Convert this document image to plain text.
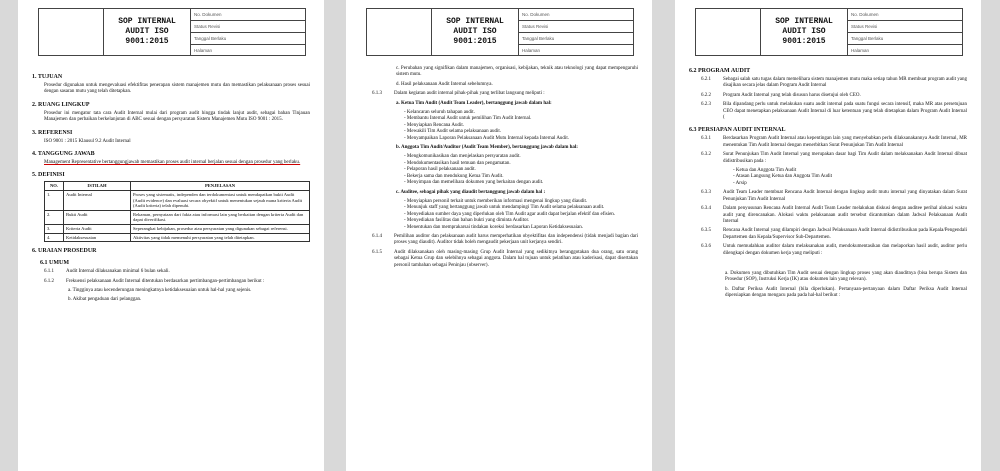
SOP INTERNAL
AUDIT ISO
9001:2015
No. Dokumen
Status Revisi
Tanggal Berlaku
Halaman
1. TUJUAN

Prosedur digunakan untuk mengevaluasi efektifitas penerapan sistem manajemen mutu dan memastikan pelaksanaan proses sesuai dengan sasaran mutu yang telah ditetapkan.

2. RUANG LINGKUP

Prosedur ini mengatur tata cara Audit Internal mulai dari program audit hingga tindak lanjut audit, sebagai bahan Tinjauan Manajemen dan perbaikan berkelanjutan di ABC sesuai dengan persyaratan Sistem Manajemen Mutu ISO 9001 : 2015.

3. REFERENSI

ISO 9001 : 2015 Klausul 9.2 Audit Internal

4. TANGGUNG JAWAB

Management Representative bertanggungjawab memastikan proses audit internal berjalan sesuai dengan prosedur yang berlaku.

5. DEFINISI
NO.	ISTILAH	PENJELASAN
1.	Audit Internal	Proses yang sistematis, independen dan terdokumentasi untuk mendapatkan bukti Audit (Audit evidence) dan evaluasi secara obyektif untuk menentukan sejauh mana kriteria Audit (Audit kriteria) telah dipenuhi.
2.	Bukti Audit	Rekaman, pernyataan dari fakta atau informasi lain yang berkaitan dengan kriteria Audit dan dapat diverifikasi.
3.	Kriteria Audit	Seperangkat kebijakan, prosedur atau persyaratan yang digunakan sebagai referensi.
4.	Ketidaksesuaian	Aktivitas yang tidak memenuhi persyaratan yang telah ditetapkan.
6. URAIAN PROSEDUR
6.1 UMUM
6.1.1	Audit Internal dilaksanakan minimal 6 bulan sekali.
6.1.2	Frekuensi pelaksanaan Audit Internal ditentukan berdasarkan pertimbangan-pertimbangan berikut :

a. Tingginya atau kecenderungan meningkatnya ketidaksesuaian untuk hal-hal yang sejenis.

b. Akibat pengaduan dari pelanggan.

SOP INTERNAL
AUDIT ISO
9001:2015
No. Dokumen
Status Revisi
Tanggal Berlaku
Halaman

c. Perubahan yang signifikan dalam manajemen, organisasi, kebijakan, teknik atau teknologi yang dapat mempengaruhi sistem mutu.

d. Hasil pelaksanaan Audit Internal sebelumnya.

6.1.3	Dalam kegiatan audit internal pihak-pihak yang terlibat langsung meliputi :

a. Ketua Tim Audit (Audit Team Leader), bertanggung jawab dalam hal:

- Kelancaran seluruh tahapan audit.
- Membantu Internal Audit untuk pemilihan Tim Audit Internal.
- Menyiapkan Rencana Audit.
- Mewakili Tim Audit selama pelaksanaan audit.
- Menyampaikan Laporan Pelaksanaan Audit Mutu Internal kepada Internal Audit.

b. Anggota Tim Audit/Auditor (Audit Team Member), bertanggung jawab dalam hal:

- Mengkomunikasikan dan menjelaskan persyaratan audit.
- Mendokumentasikan hasil temuan dan pengamatan.
- Pelaporan hasil pelaksanaan audit.
- Bekerja sama dan mendukung Ketua Tim Audit.
- Menyimpan dan memelihara dokumen yang berkaitan dengan audit.

c. Auditee, sebagai pihak yang diaudit bertanggung jawab dalam hal :

- Menyiapkan personil terkait untuk memberikan informasi mengenai lingkup yang diaudit.
- Menunjuk staff yang bertanggung jawab untuk mendampingi Tim Audit selama pelaksanaan audit.
- Menyediakan sumber daya yang diperlukan oleh Tim Audit agar audit dapat berjalan efektif dan efisien.
- Menyediakan fasilitas dan bahan bukti yang diminta Auditor.
- Menentukan dan memprakarsai tindakan koreksi berdasarkan Laporan Ketidaksesuaian.
6.1.4	Pemilihan auditor dan pelaksanaan audit harus memperhatikan obyektifitas dan independensi (tidak menjadi bagian dari proses yang diaudit). Auditor tidak boleh mengaudit pekerjaan unit kerjanya sendiri.
6.1.5	Audit dilaksanakan oleh masing-masing Grup Audit Internal yang sedikitnya beranggotakan dua orang, satu orang sebagai Ketua Grup dan selebihnya sebagai anggota. Dalam hal tujuan untuk pelatihan atau kaderisasi, dapat disertakan personil tambahan sebagai Peninjau (observer).
SOP INTERNAL
AUDIT ISO
9001:2015
No. Dokumen
Status Revisi
Tanggal Berlaku
Halaman
6.2 PROGRAM AUDIT
6.2.1	Sebagai salah satu tugas dalam memelihara sistem manajemen mutu maka setiap tahun MR membuat program audit yang disajikan secara jelas dalam Program Audit Internal
6.2.2	Program Audit Internal yang telah disusun harus disetujui oleh CEO.
6.2.3	Bila dipandang perlu untuk melakukan suatu audit internal pada suatu fungsi secara intensif, maka MR atas persetujuan CEO dapat menetapkan pelaksanaan Audit Internal di luar ketentuan yang telah ditetapkan dalam Program Audit Internal (
6.3 PERSIAPAN AUDIT INTERNAL
6.3.1	Berdasarkan Program Audit Internal atau kepentingan lain yang menyebabkan perlu dilaksanakannya Audit Internal, MR menentukan Tim Audit Internal dengan menerbitkan Surat Penunjukan Tim Audit Internal
6.3.2	Surat Penunjukan Tim Audit Internal yang merupakan dasar bagi Tim Audit dalam melaksanakan Audit Internal dibuat didistribusikan pada :
- Ketua dan Anggota Tim Audit
- Atasan Langsung Ketua dan Anggota Tim Audit
- Arsip
6.3.3	Audit Team Leader membuat Rencana Audit Internal dengan lingkup audit mutu internal yang dinyatakan dalam Surat Penunjukan Tim Audit Internal
6.3.4	Dalam penyusunan Rencana Audit Internal Audit Team Leader melakukan diskusi dengan auditee perihal alokasi waktu audit yang direncanakan. Alokasi waktu pelaksanaan audit tersebut dicantumkan dalam Jadwal Pelaksanaan Audit Internal
6.3.5	Rencana Audit Internal yang dilampiri dengan Jadwal Pelaksanaan Audit Internal didistribusikan pada Kepala/Pengendali Departemen dan Kepala/Supervisor Sub-Departemen.
6.3.6	Untuk memudahkan auditor dalam melaksanakan audit, mendokumentasikan dan melaporkan hasil audit, auditor perlu dilengkapi dengan dokumen kerja yang meliputi :

a. Dokumen yang dibutuhkan Tim Audit sesuai dengan lingkup proses yang akan diauditnya (bisa berupa Sistem dan Prosedur (SOP), Instruksi Kerja (IK) atau dokumen lain yang relevan).

b. Daftar Periksa Audit Internal (bila diperlukan). Pertanyaan-pertanyaan dalam Daftar Periksa Audit Internal dipersiapkan dengan mengacu pada pada hal-hal berikut :
